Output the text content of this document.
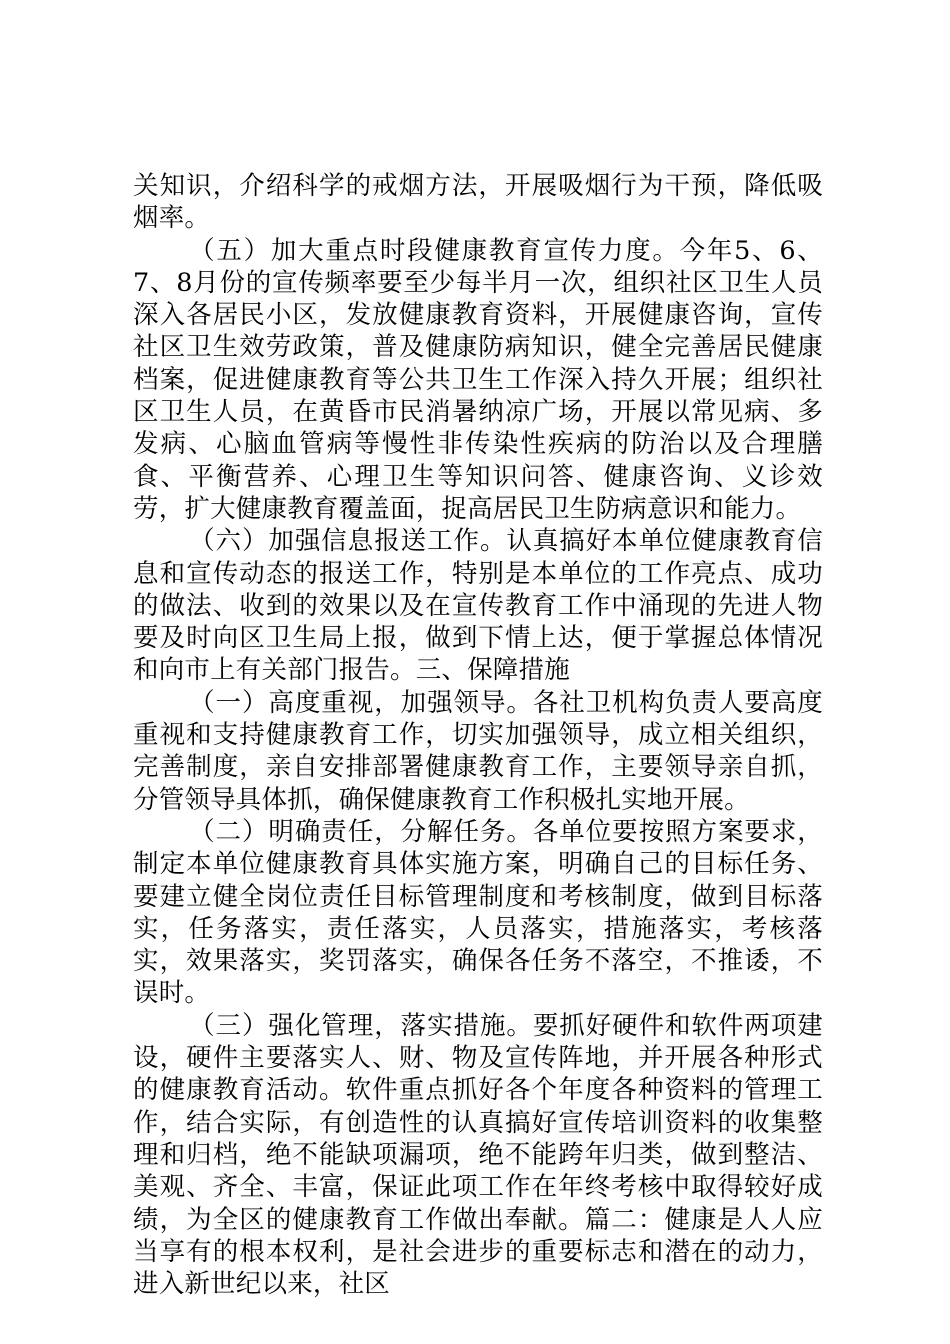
关知识，介绍科学的戒烟方法，开展吸烟行为干预，降低吸烟率。

（五）加大重点时段健康教育宣传力度。今年5、6、7、8月份的宣传频率要至少每半月一次，组织社区卫生人员深入各居民小区，发放健康教育资料，开展健康咨询，宣传社区卫生效劳政策，普及健康防病知识，健全完善居民健康档案，促进健康教育等公共卫生工作深入持久开展；组织社区卫生人员，在黄昏市民消暑纳凉广场，开展以常见病、多发病、心脑血管病等慢性非传染性疾病的防治以及合理膳食、平衡营养、心理卫生等知识问答、健康咨询、义诊效劳，扩大健康教育覆盖面，捉高居民卫生防病意识和能力。

（六）加强信息报送工作。认真搞好本单位健康教育信息和宣传动态的报送工作，特别是本单位的工作亮点、成功的做法、收到的效果以及在宣传教育工作中涌现的先进人物要及时向区卫生局上报，做到下情上达，便于掌握总体情况和向市上有关部门报告。三、保障措施

（一）高度重视，加强领导。各社卫机构负责人要高度重视和支持健康教育工作，切实加强领导，成立相关组织，完善制度，亲自安排部署健康教育工作，主要领导亲自抓，分管领导具体抓，确保健康教育工作积极扎实地开展。

（二）明确责任，分解任务。各单位要按照方案要求，制定本单位健康教育具体实施方案，明确自己的目标任务、要建立健全岗位责任目标管理制度和考核制度，做到目标落实，任务落实，责任落实，人员落实，措施落实，考核落实，效果落实，奖罚落实，确保各任务不落空，不推诿，不误时。

（三）强化管理，落实措施。要抓好硬件和软件两项建设，硬件主要落实人、财、物及宣传阵地，并开展各种形式的健康教育活动。软件重点抓好各个年度各种资料的管理工作，结合实际，有创造性的认真搞好宣传培训资料的收集整理和归档，绝不能缺项漏项，绝不能跨年归类，做到整洁、美观、齐全、丰富，保证此项工作在年终考核中取得较好成绩，为全区的健康教育工作做出奉献。篇二：健康是人人应当享有的根本权利，是社会进步的重要标志和潜在的动力，进入新世纪以来，社区
